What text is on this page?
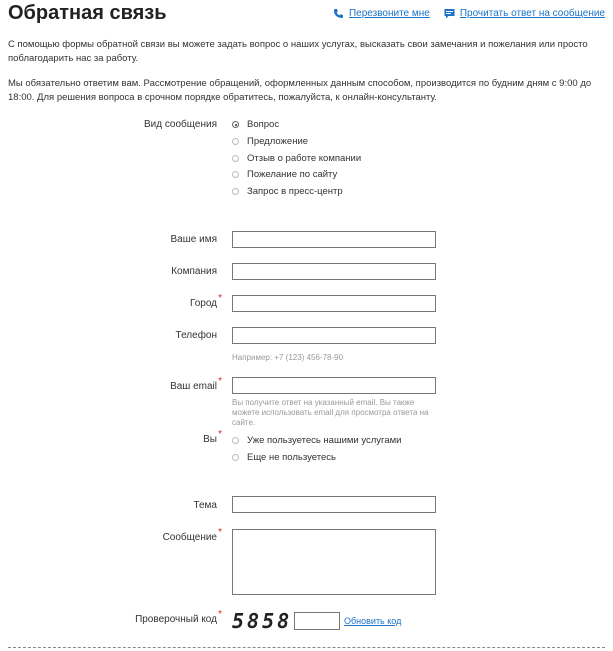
Обратная связь	Перезвоните мне	Прочитать ответ на сообщение
С помощью формы обратной связи вы можете задать вопрос о наших услугах, высказать свои замечания и пожелания или просто поблагодарить нас за работу.
Мы обязательно ответим вам. Рассмотрение обращений, оформленных данным способом, производится по будним дням с 9:00 до 18:00. Для решения вопроса в срочном порядке обратитесь, пожалуйста, к онлайн-консультанту.
Вид сообщения	Вопрос
Предложение
Отзыв о работе компании
Пожелание по сайту
Запрос в пресс-центр
Ваше имя
Компания
Город *
Телефон
Например: +7 (123) 456-78-90
Ваш email *
Вы получите ответ на указанный email. Вы также можете использовать email для просмотра ответа на сайте.
Вы *
Уже пользуетесь нашими услугами
Еще не пользуетесь
Тема
Сообщение *
Проверочный код * 5858	Обновить код
